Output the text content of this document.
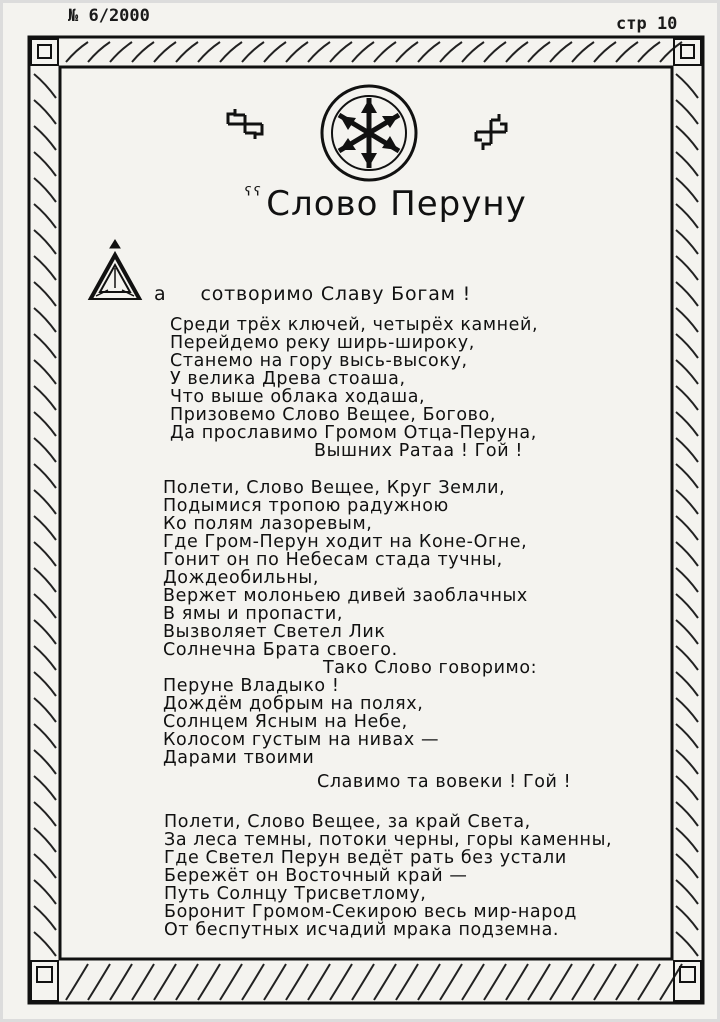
№ 6/2000	стр 10
$^{ˁˁ}$ Слово Перуну
а сотворимо Славу Богам !
Среди трёх ключей, четырёх камней,
Перейдемо реку ширь-широку,
Станемо на гору высь-высоку,
У велика Древа стоаша,
Что выше облака ходаша,
Призовемо Слово Вещее, Богово,
Да прославимо Громом Отца-Перуна,
Вышних Ратаа ! Гой !
Полети, Слово Вещее, Круг Земли,
Подымися тропою радужною
Ко полям лазоревым,
Где Гром-Перун ходит на Коне-Огне,
Гонит он по Небесам стада тучны,
Дождеобильны,
Вержет молоньею дивей заоблачных
В ямы и пропасти,
Вызволяет Светел Лик
Солнечна Брата своего.
Тако Слово говоримо:
Перуне Владыко !
Дождём добрым на полях,
Солнцем Ясным на Небе,
Колосом густым на нивах —
Дарами твоими
Славимо та вовеки ! Гой !
Полети, Слово Вещее, за край Света,
За леса темны, потоки черны, горы каменны,
Где Светел Перун ведёт рать без устали
Бережёт он Восточный край —
Путь Солнцу Трисветлому,
Боронит Громом-Секирою весь мир-народ
От беспутных исчадий мрака подземна.
